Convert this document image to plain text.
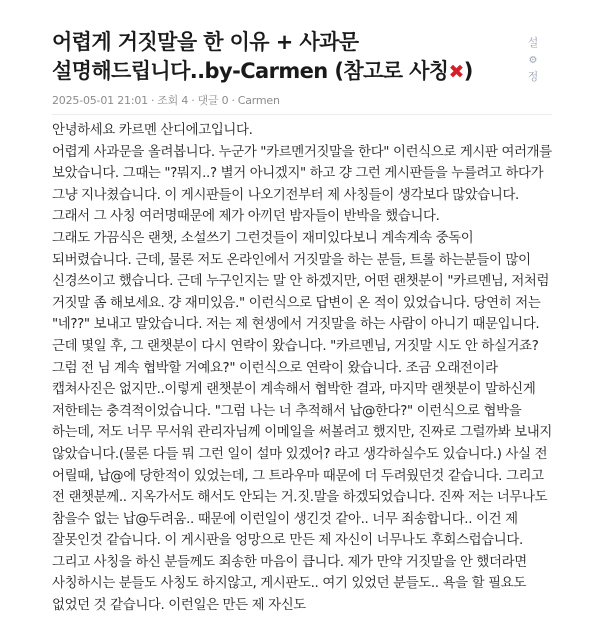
어렵게 거짓말을 한 이유 + 사과문 설명해드립니다..by-Carmen (참고로 사칭✖)
설
⚙
정
2025-05-01 21:01 · 조회 4 · 댓글 0 · Carmen

안녕하세요 카르멘 산디에고입니다.

어렵게 사과문을 올려봅니다. 누군가 "카르멘거짓말을 한다" 이런식으로 게시판 여러개를 보았습니다. 그때는 "?뭐지..? 별거 아니겠지" 하고 걍 그런 게시판들을 누를려고 하다가 그냥 지나쳤습니다. 이 게시판들이 나오기전부터 제 사칭들이 생각보다 많았습니다. 그래서 그 사칭 여러명때문에 제가 아끼던 밤자들이 반박을 했습니다.

그래도 가끔식은 랜챗, 소설쓰기 그런것들이 재미있다보니 계속계속 중독이 되버렸습니다. 근데, 물론 저도 온라인에서 거짓말을 하는 분들, 트롤 하는분들이 많이 신경쓰이고 했습니다. 근데 누구인지는 말 안 하겠지만, 어떤 랜챗분이 "카르멘님, 저처럼 거짓말 좀 해보세요. 걍 재미있음." 이런식으로 답변이 온 적이 있었습니다. 당연히 저는 "네??" 보내고 말았습니다. 저는 제 현생에서 거짓말을 하는 사람이 아니기 때문입니다. 근데 몇일 후, 그 랜챗분이 다시 연락이 왔습니다. "카르멘님, 거짓말 시도 안 하실거죠? 그럼 전 님 계속 협박할 거예요?" 이런식으로 연락이 왔습니다. 조금 오래전이라 캡쳐사진은 없지만..이렇게 랜챗분이 계속해서 협박한 결과, 마지막 랜챗분이 말하신게 저한테는 충격적이었습니다. "그럼 나는 너 추적해서 납@한다?" 이런식으로 협박을 하는데, 저도 너무 무서워 관리자님께 이메일을 써볼려고 했지만, 진짜로 그럴까봐 보내지 않았습니다.(물론 다들 뭐 그런 일이 설마 있겠어? 라고 생각하실수도 있습니다.) 사실 전 어릴때, 납@에 당한적이 있었는데, 그 트라우마 때문에 더 두려웠던것 같습니다. 그리고 전 랜챗분께.. 지옥가서도 해서도 안되는 거.짓.말을 하겠되었습니다. 진짜 저는 너무나도 참을수 없는 납@두려움.. 때문에 이런일이 생긴것 같아.. 너무 죄송합니다.. 이건 제 잘못인것 같습니다. 이 게시판을 엉망으로 만든 제 자신이 너무나도 후회스럽습니다. 그리고 사칭을 하신 분들께도 죄송한 마음이 큽니다. 제가 만약 거짓말을 안 했더라면 사칭하시는 분들도 사칭도 하지않고, 게시판도.. 여기 있었던 분들도.. 욕을 할 필요도 없었던 것 같습니다. 이런일은 만든 제 자신도
